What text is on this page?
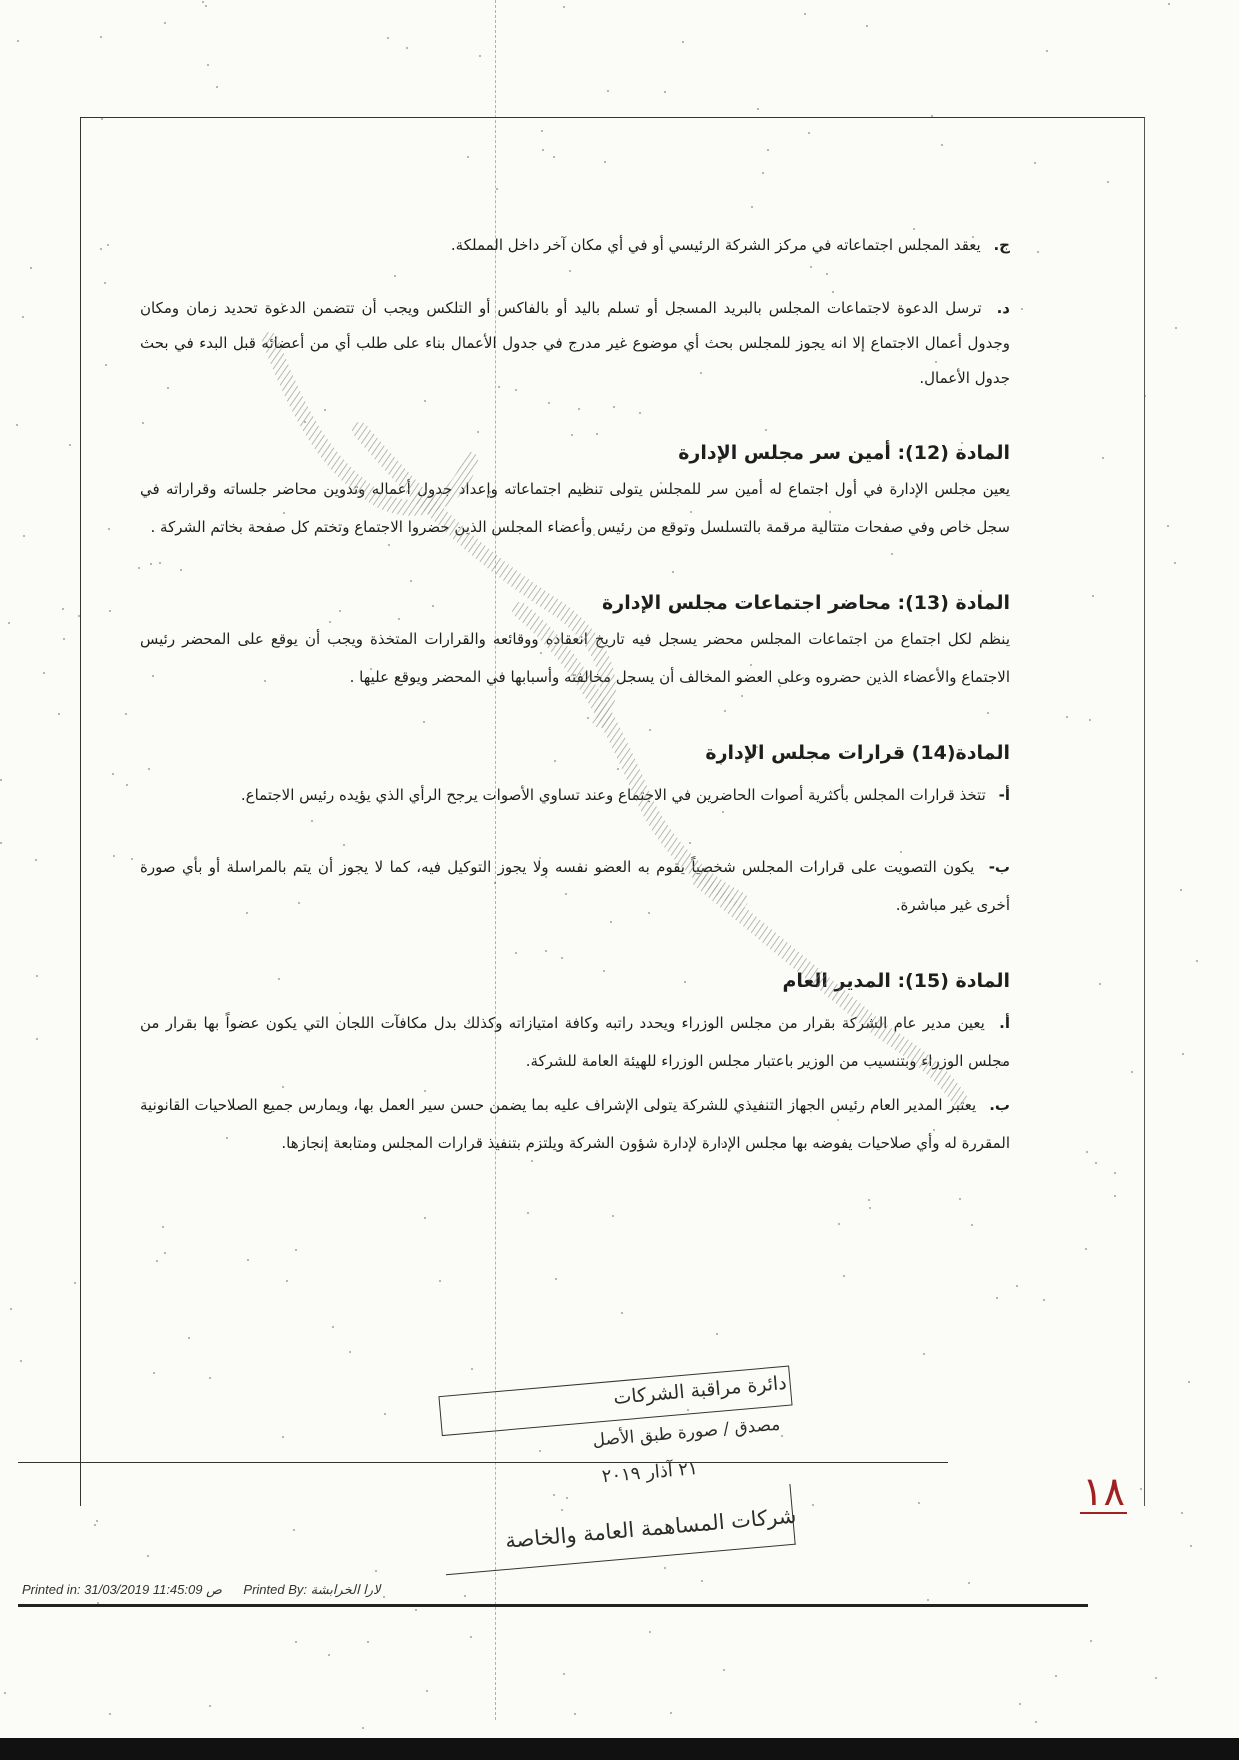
ج. يعقد المجلس اجتماعاته في مركز الشركة الرئيسي أو في أي مكان آخر داخل المملكة.

د. ترسل الدعوة لاجتماعات المجلس بالبريد المسجل أو تسلم باليد أو بالفاكس أو التلكس ويجب أن تتضمن الدعوة تحديد زمان ومكان وجدول أعمال الاجتماع إلا انه يجوز للمجلس بحث أي موضوع غير مدرج في جدول الأعمال بناء على طلب أي من أعضائه قبل البدء في بحث جدول الأعمال.

المادة (12): أمين سر مجلس الإدارة

يعين مجلس الإدارة في أول اجتماع له أمين سر للمجلس يتولى تنظيم اجتماعاته وإعداد جدول أعماله وتدوين محاضر جلساته وقراراته في سجل خاص وفي صفحات متتالية مرقمة بالتسلسل وتوقع من رئيس وأعضاء المجلس الذين حضروا الاجتماع وتختم كل صفحة بخاتم الشركة .

المادة (13): محاضر اجتماعات مجلس الإدارة

ينظم لكل اجتماع من اجتماعات المجلس محضر يسجل فيه تاريخ انعقاده ووقائعه والقرارات المتخذة ويجب أن يوقع على المحضر رئيس الاجتماع والأعضاء الذين حضروه وعلى العضو المخالف أن يسجل مخالفته وأسبابها في المحضر ويوقع عليها .

المادة(14) قرارات مجلس الإدارة

أ- تتخذ قرارات المجلس بأكثرية أصوات الحاضرين في الاجتماع وعند تساوي الأصوات يرجح الرأي الذي يؤيده رئيس الاجتماع.

ب- يكون التصويت على قرارات المجلس شخصياً يقوم به العضو نفسه ولا يجوز التوكيل فيه، كما لا يجوز أن يتم بالمراسلة أو بأي صورة أخرى غير مباشرة.

المادة (15): المدير العام

أ. يعين مدير عام الشركة بقرار من مجلس الوزراء ويحدد راتبه وكافة امتيازاته وكذلك بدل مكافآت اللجان التي يكون عضواً بها بقرار من مجلس الوزراء وبتنسيب من الوزير باعتبار مجلس الوزراء للهيئة العامة للشركة.

ب. يعتبر المدير العام رئيس الجهاز التنفيذي للشركة يتولى الإشراف عليه بما يضمن حسن سير العمل بها، ويمارس جميع الصلاحيات القانونية المقررة له وأي صلاحيات يفوضه بها مجلس الإدارة لإدارة شؤون الشركة ويلتزم بتنفيذ قرارات المجلس ومتابعة إنجازها.

دائرة مراقبة الشركات
مصدق / صورة طبق الأصل
٢١ آذار ٢٠١٩
شركات المساهمة العامة والخاصة
١٨
Printed in: 31/03/2019 11:45:09 ص Printed By: لارا الخرابشة
